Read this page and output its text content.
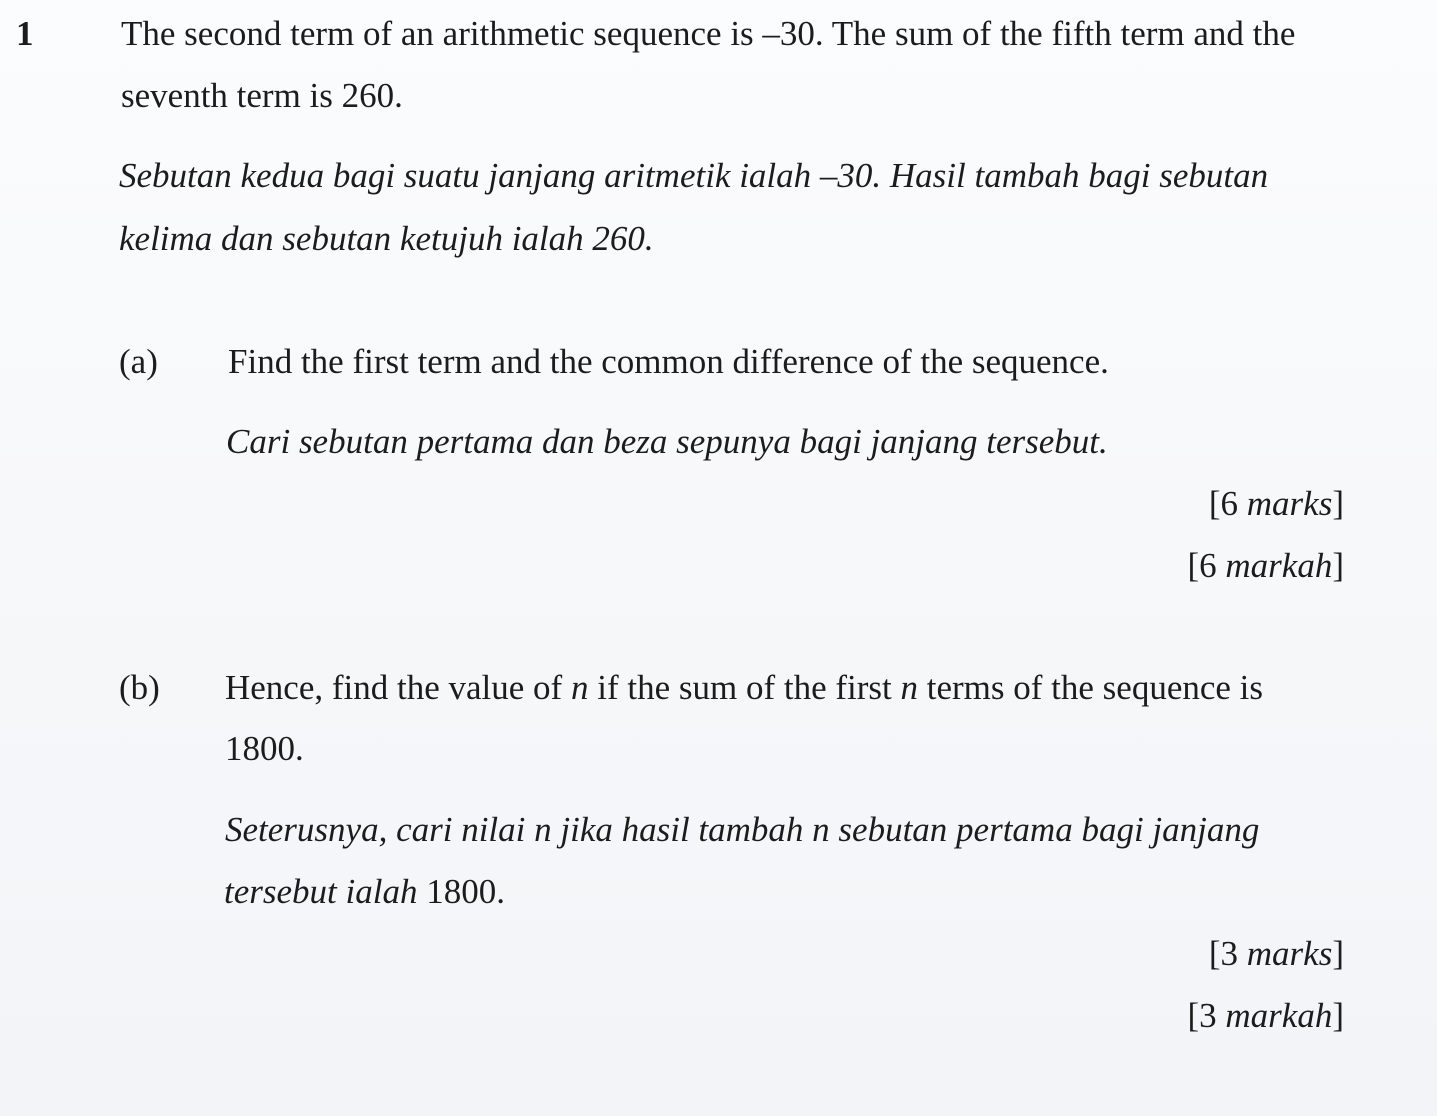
1	The second term of an arithmetic sequence is –30. The sum of the fifth term and the
seventh term is 260.
Sebutan kedua bagi suatu janjang aritmetik ialah –30. Hasil tambah bagi sebutan
kelima dan sebutan ketujuh ialah 260.
(a) Find the first term and the common difference of the sequence.
Cari sebutan pertama dan beza sepunya bagi janjang tersebut.
[6 marks]
[6 markah]
(b) Hence, find the value of n if the sum of the first n terms of the sequence is
1800.
Seterusnya, cari nilai n jika hasil tambah n sebutan pertama bagi janjang
tersebut ialah 1800.
[3 marks]
[3 markah]
